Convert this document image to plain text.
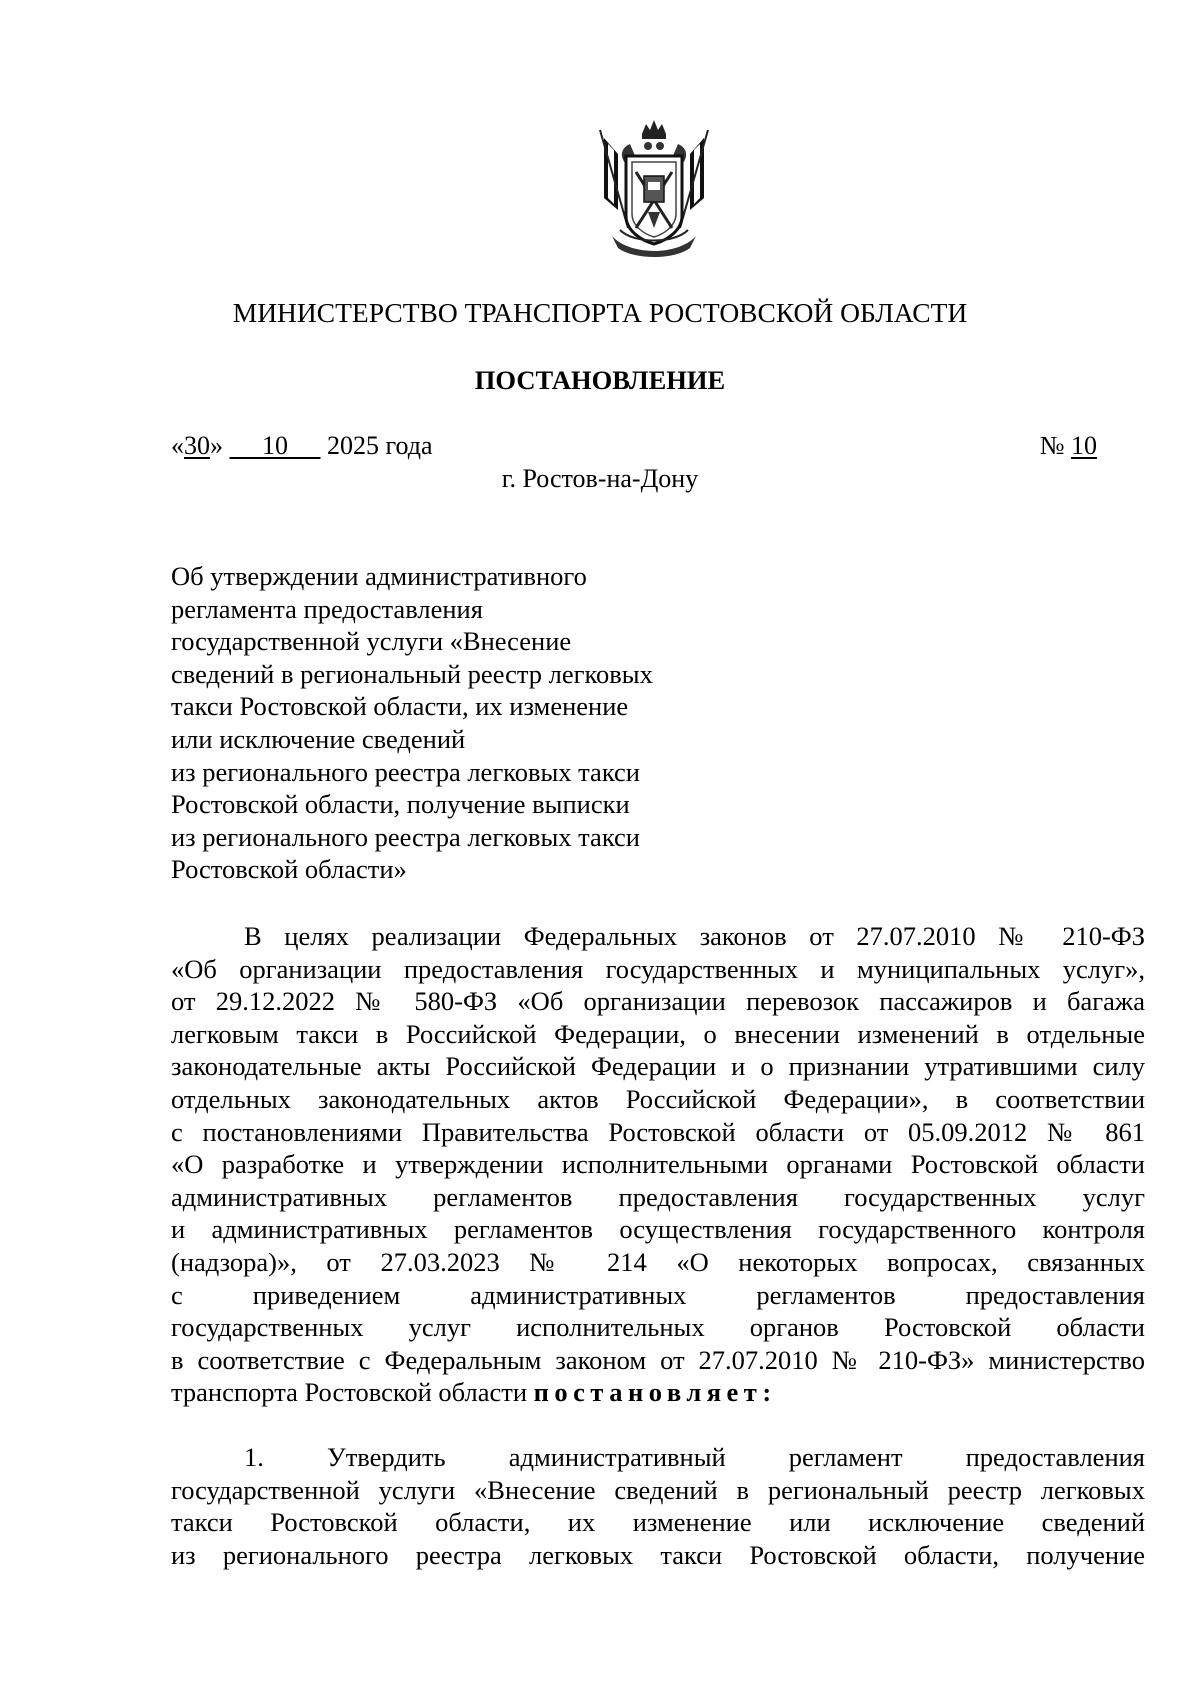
МИНИСТЕРСТВО ТРАНСПОРТА РОСТОВСКОЙ ОБЛАСТИ
ПОСТАНОВЛЕНИЕ
«30» 10 2025 года	№ 10
г. Ростов-на-Дону
Об утверждении административного
регламента предоставления
государственной услуги «Внесение
сведений в региональный реестр легковых
такси Ростовской области, их изменение
или исключение сведений
из регионального реестра легковых такси
Ростовской области, получение выписки
из регионального реестра легковых такси
Ростовской области»
В целях реализации Федеральных законов от 27.07.2010 № 210-ФЗ
«Об организации предоставления государственных и муниципальных услуг»,
от 29.12.2022 № 580-ФЗ «Об организации перевозок пассажиров и багажа
легковым такси в Российской Федерации, о внесении изменений в отдельные
законодательные акты Российской Федерации и о признании утратившими силу
отдельных законодательных актов Российской Федерации», в соответствии
с постановлениями Правительства Ростовской области от 05.09.2012 № 861
«О разработке и утверждении исполнительными органами Ростовской области
административных регламентов предоставления государственных услуг
и административных регламентов осуществления государственного контроля
(надзора)», от 27.03.2023 № 214 «О некоторых вопросах, связанных
с приведением административных регламентов предоставления
государственных услуг исполнительных органов Ростовской области
в соответствие с Федеральным законом от 27.07.2010 № 210-ФЗ» министерство
транспорта Ростовской области постановляет:
1. Утвердить административный регламент предоставления
государственной услуги «Внесение сведений в региональный реестр легковых
такси Ростовской области, их изменение или исключение сведений
из регионального реестра легковых такси Ростовской области, получение
